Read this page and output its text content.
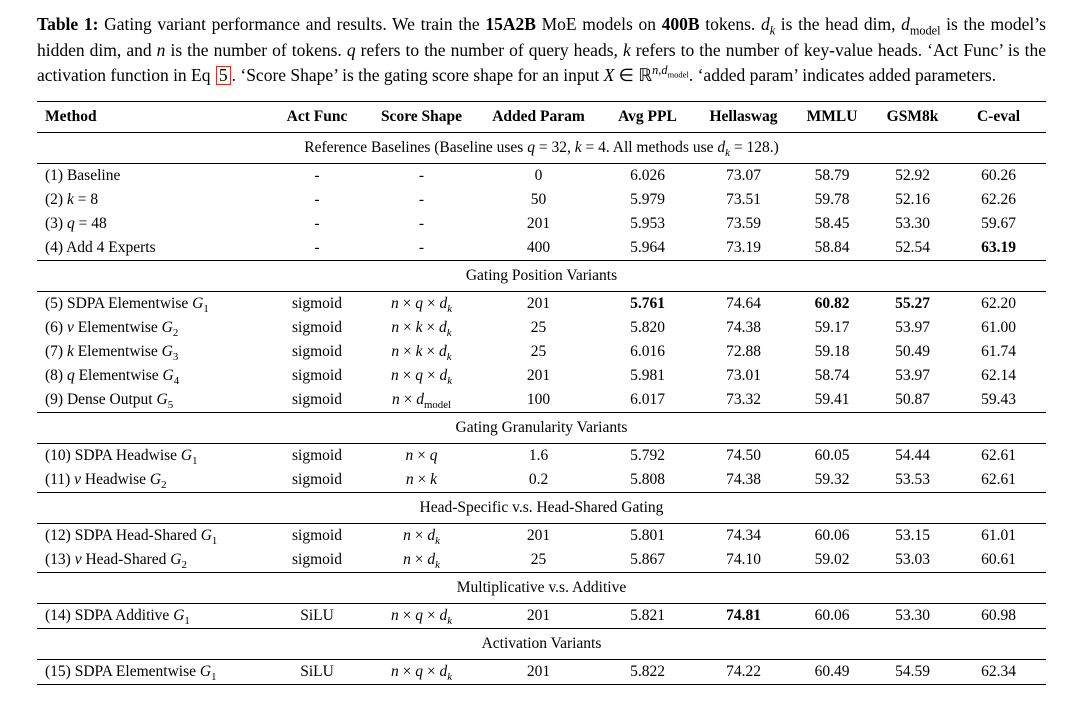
Table 1: Gating variant performance and results. We train the 15A2B MoE models on 400B tokens. $d_k$ is the head dim, $d_{model}$ is the model’s hidden dim, and n is the number of tokens. q refers to the number of query heads, k refers to the number of key-value heads. ‘Act Func’ is the activation function in Eq 5 . ‘Score Shape’ is the gating score shape for an input X ∈ ℝ$^{n,d_{model}}$. ‘added param’ indicates added parameters.

Method	Act Func	Score Shape	Added Param	Avg PPL	Hellaswag	MMLU	GSM8k	C-eval
Reference Baselines (Baseline uses q = 32, k = 4. All methods use $d_k = 128$.)								
(1) Baseline	-	-	0	6.026	73.07	58.79	52.92	60.26
(2) k = 8	-	-	50	5.979	73.51	59.78	52.16	62.26
(3) q = 48	-	-	201	5.953	73.59	58.45	53.30	59.67
(4) Add 4 Experts	-	-	400	5.964	73.19	58.84	52.54	63.19
Gating Position Variants								
(5) SDPA Elementwise $G_1$	sigmoid	$n \times q \times d_k$	201	5.761	74.64	60.82	55.27	62.20
(6) v Elementwise $G_2$	sigmoid	$n \times k \times d_k$	25	5.820	74.38	59.17	53.97	61.00
(7) k Elementwise $G_3$	sigmoid	$n \times k \times d_k$	25	6.016	72.88	59.18	50.49	61.74
(8) q Elementwise $G_4$	sigmoid	$n \times q \times d_k$	201	5.981	73.01	58.74	53.97	62.14
(9) Dense Output $G_5$	sigmoid	$n \times d_{model}$	100	6.017	73.32	59.41	50.87	59.43
Gating Granularity Variants								
(10) SDPA Headwise $G_1$	sigmoid	n × q	1.6	5.792	74.50	60.05	54.44	62.61
(11) v Headwise $G_2$	sigmoid	n × k	0.2	5.808	74.38	59.32	53.53	62.61
Head-Specific v.s. Head-Shared Gating								
(12) SDPA Head-Shared $G_1$	sigmoid	$n \times d_k$	201	5.801	74.34	60.06	53.15	61.01
(13) v Head-Shared $G_2$	sigmoid	$n \times d_k$	25	5.867	74.10	59.02	53.03	60.61
Multiplicative v.s. Additive								
(14) SDPA Additive $G_1$	SiLU	$n \times q \times d_k$	201	5.821	74.81	60.06	53.30	60.98
Activation Variants								
(15) SDPA Elementwise $G_1$	SiLU	$n \times q \times d_k$	201	5.822	74.22	60.49	54.59	62.34
